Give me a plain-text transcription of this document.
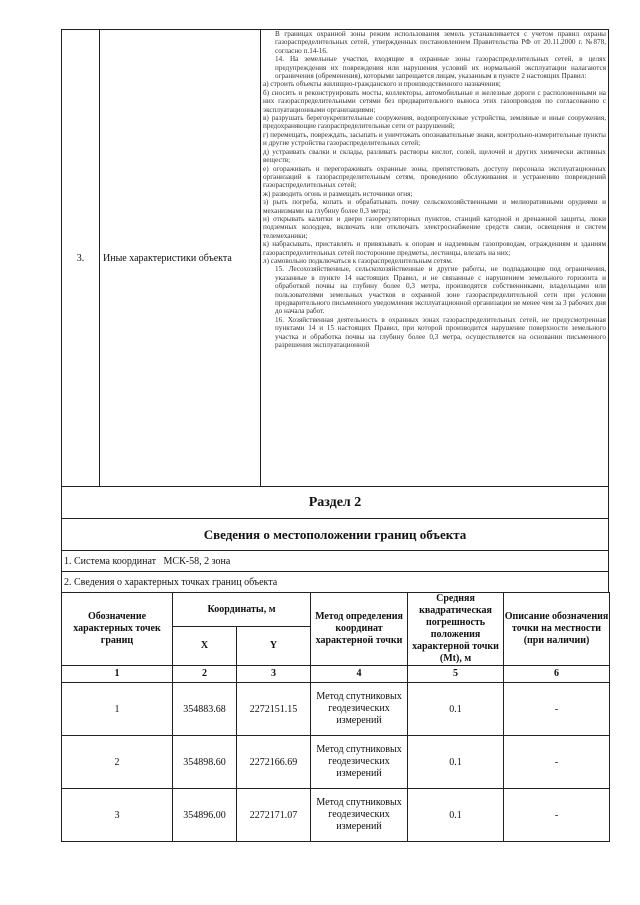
3.	Иные характеристики объекта	

В границах охранной зоны режим использования земель устанавливается с учетом правил охраны газораспределительных сетей, утвержденных постановлением Правительства РФ от 20.11.2000 г. №878, согласно п.14-16.

14. На земельные участки, входящие в охранные зоны газораспределительных сетей, в целях предупреждения их повреждения или нарушения условий их нормальной эксплуатации налагаются ограничения (обременения), которыми запрещается лицам, указанным в пункте 2 настоящих Правил:

а) строить объекты жилищно-гражданского и производственного назначения;

б) сносить и реконструировать мосты, коллекторы, автомобильные и железные дороги с расположенными на них газораспределительными сетями без предварительного выноса этих газопроводов по согласованию с эксплуатационными организациями;

в) разрушать берегоукрепительные сооружения, водопропускные устройства, земляные и иные сооружения, предохраняющие газораспределительные сети от разрушений;

г) перемещать, повреждать, засыпать и уничтожать опознавательные знаки, контрольно-измерительные пункты и другие устройства газораспределительных сетей;

д) устраивать свалки и склады, разливать растворы кислот, солей, щелочей и других химически активных веществ;

е) огораживать и перегораживать охранные зоны, препятствовать доступу персонала эксплуатационных организаций к газораспределительным сетям, проведению обслуживания и устранению повреждений газораспределительных сетей;

ж) разводить огонь и размещать источники огня;

з) рыть погреба, копать и обрабатывать почву сельскохозяйственными и мелиоративными орудиями и механизмами на глубину более 0,3 метра;

и) открывать калитки и двери газорегуляторных пунктов, станций катодной и дренажной защиты, люки подземных колодцев, включать или отключать электроснабжение средств связи, освещения и систем телемеханики;

к) набрасывать, приставлять и привязывать к опорам и надземным газопроводам, ограждениям и зданиям газораспределительных сетей посторонние предметы, лестницы, влезать на них;

л) самовольно подключаться к газораспределительным сетям.

15. Лесохозяйственные, сельскохозяйственные и другие работы, не подпадающие под ограничения, указанные в пункте 14 настоящих Правил, и не связанные с нарушением земельного горизонта и обработкой почвы на глубину более 0,3 метра, производятся собственниками, владельцами или пользователями земельных участков в охранной зоне газораспределительной сети при условии предварительного письменного уведомления эксплуатационной организации не менее чем за 3 рабочих дня до начала работ.

16. Хозяйственная деятельность в охранных зонах газораспределительных сетей, не предусмотренная пунктами 14 и 15 настоящих Правил, при которой производится нарушение поверхности земельного участка и обработка почвы на глубину более 0,3 метра, осуществляется на основании письменного разрешения эксплуатационной

Раздел 2
Сведения о местоположении границ объекта
1. Система координат МСК-58, 2 зона
2. Сведения о характерных точках границ объекта
Обозначение характерных точек границ	Координаты, м		Метод определения координат характерной точки	Средняя квадратическая погрешность положения характерной точки (Mt), м	Описание обозначения точки на местности (при наличии)
	X	Y			
1	2	3	4	5	6
1	354883.68	2272151.15	Метод спутниковых геодезических измерений	0.1	-
2	354898.60	2272166.69	Метод спутниковых геодезических измерений	0.1	-
3	354896.00	2272171.07	Метод спутниковых геодезических измерений	0.1	-
